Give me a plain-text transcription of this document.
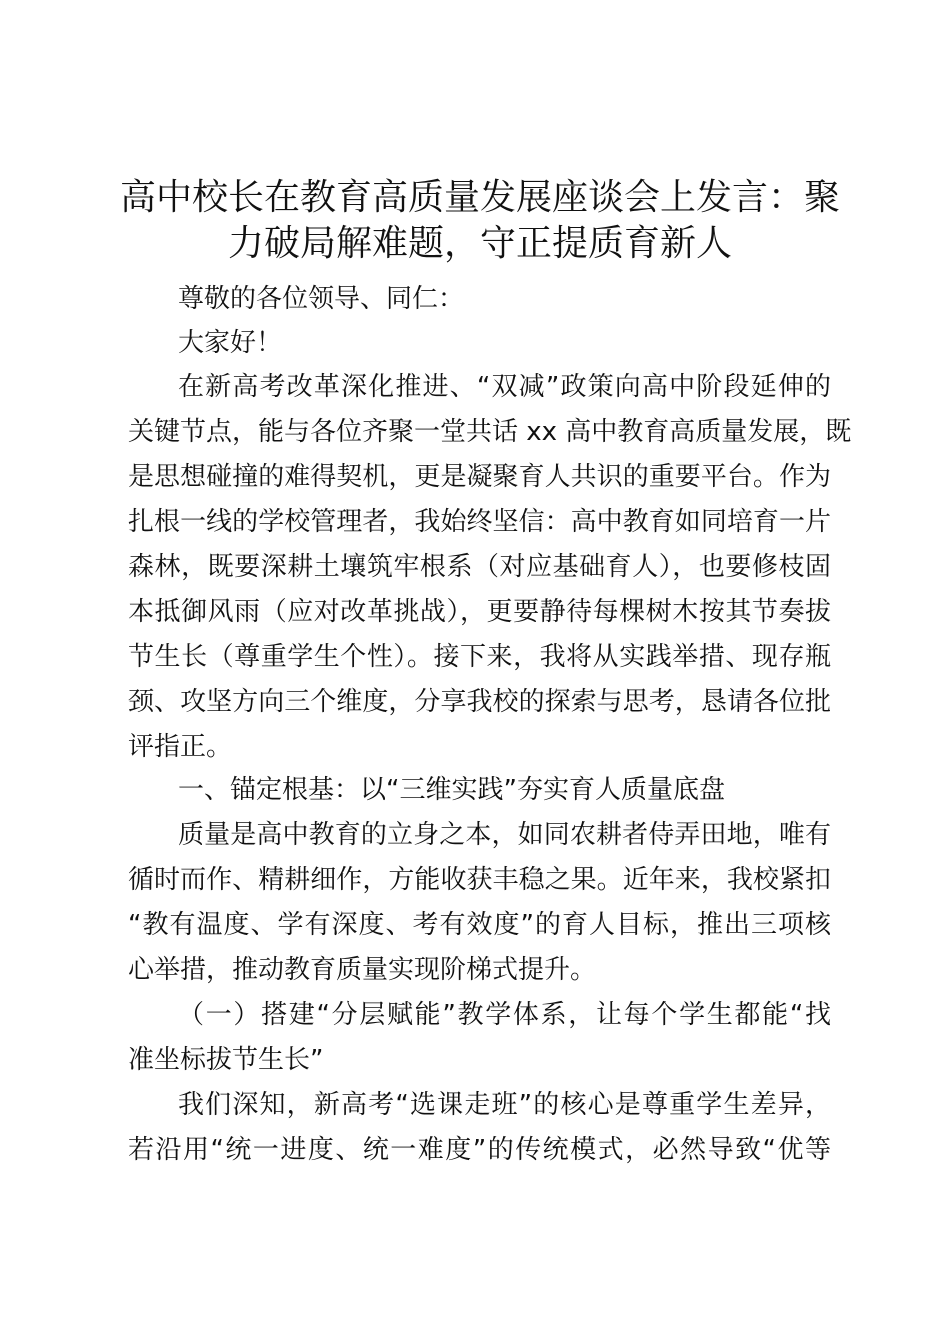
高中校长在教育高质量发展座谈会上发言：聚
力破局解难题，守正提质育新人

尊敬的各位领导、同仁：

大家好！

在新高考改革深化推进、“双减”政策向高中阶段延伸的

关键节点，能与各位齐聚一堂共话 xx 高中教育高质量发展，既

是思想碰撞的难得契机，更是凝聚育人共识的重要平台。作为

扎根一线的学校管理者，我始终坚信：高中教育如同培育一片

森林，既要深耕土壤筑牢根系（对应基础育人），也要修枝固

本抵御风雨（应对改革挑战），更要静待每棵树木按其节奏拔

节生长（尊重学生个性）。接下来，我将从实践举措、现存瓶

颈、攻坚方向三个维度，分享我校的探索与思考，恳请各位批

评指正。

一、锚定根基：以“三维实践”夯实育人质量底盘

质量是高中教育的立身之本，如同农耕者侍弄田地，唯有

循时而作、精耕细作，方能收获丰稳之果。近年来，我校紧扣

“教有温度、学有深度、考有效度”的育人目标，推出三项核

心举措，推动教育质量实现阶梯式提升。

（一）搭建“分层赋能”教学体系，让每个学生都能“找

准坐标拔节生长”

我们深知，新高考“选课走班”的核心是尊重学生差异，

若沿用“统一进度、统一难度”的传统模式，必然导致“优等
